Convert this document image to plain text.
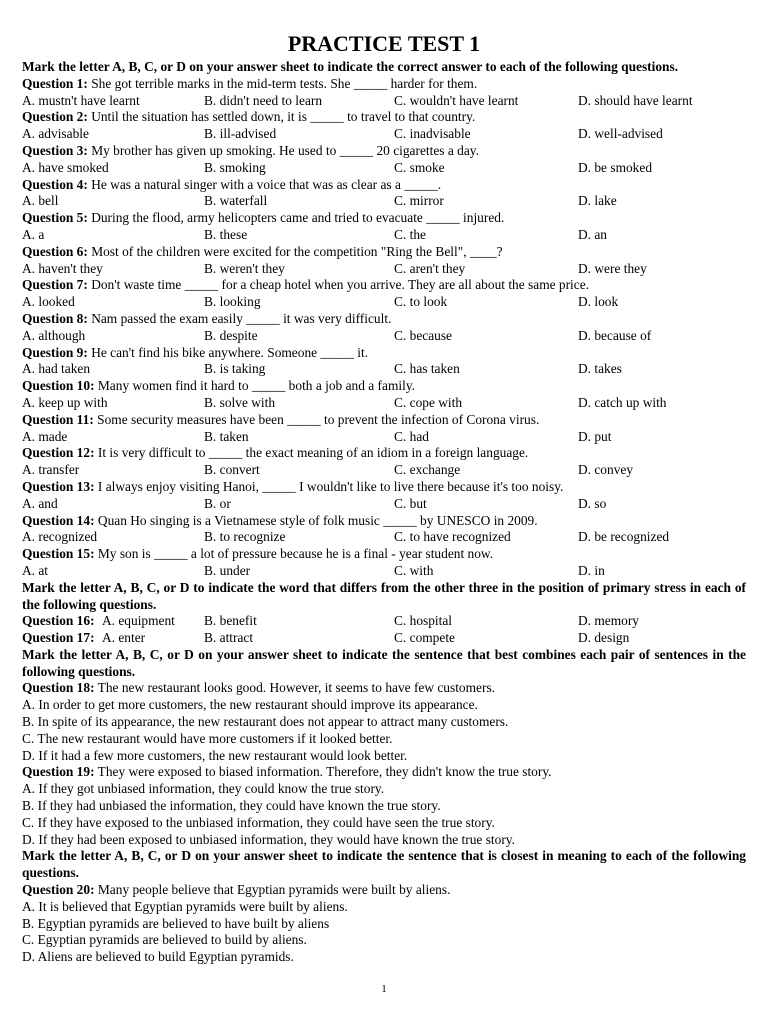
PRACTICE TEST 1
Mark the letter A, B, C, or D on your answer sheet to indicate the correct answer to each of the following questions.
Question 1: She got terrible marks in the mid-term tests. She _____ harder for them.
A. mustn't have learnt	B. didn't need to learn	C. wouldn't have learnt	D. should have learnt
Question 2: Until the situation has settled down, it is _____ to travel to that country.
A. advisable	B. ill-advised	C. inadvisable	D. well-advised
Question 3: My brother has given up smoking. He used to _____ 20 cigarettes a day.
A. have smoked	B. smoking	C. smoke	D. be smoked
Question 4: He was a natural singer with a voice that was as clear as a _____.
A. bell	B. waterfall	C. mirror	D. lake
Question 5: During the flood, army helicopters came and tried to evacuate _____ injured.
A. a	B. these	C. the	D. an
Question 6: Most of the children were excited for the competition "Ring the Bell", ____?
A. haven't they	B. weren't they	C. aren't they	D. were they
Question 7: Don't waste time _____ for a cheap hotel when you arrive. They are all about the same price.
A. looked	B. looking	C. to look	D. look
Question 8: Nam passed the exam easily _____ it was very difficult.
A. although	B. despite	C. because	D. because of
Question 9: He can't find his bike anywhere. Someone _____ it.
A. had taken	B. is taking	C. has taken	D. takes
Question 10: Many women find it hard to _____ both a job and a family.
A. keep up with	B. solve with	C. cope with	D. catch up with
Question 11: Some security measures have been _____ to prevent the infection of Corona virus.
A. made	B. taken	C. had	D. put
Question 12: It is very difficult to _____ the exact meaning of an idiom in a foreign language.
A. transfer	B. convert	C. exchange	D. convey
Question 13: I always enjoy visiting Hanoi, _____ I wouldn't like to live there because it's too noisy.
A. and	B. or	C. but	D. so
Question 14: Quan Ho singing is a Vietnamese style of folk music _____ by UNESCO in 2009.
A. recognized	B. to recognize	C. to have recognized	D. be recognized
Question 15: My son is _____ a lot of pressure because he is a final - year student now.
A. at	B. under	C. with	D. in
Mark the letter A, B, C, or D to indicate the word that differs from the other three in the position of primary stress in each of the following questions.
Question 16: A. equipment B. benefit	C. hospital	D. memory
Question 17: A. enter	B. attract	C. compete	D. design
Mark the letter A, B, C, or D on your answer sheet to indicate the sentence that best combines each pair of sentences in the following questions.
Question 18: The new restaurant looks good. However, it seems to have few customers.
A. In order to get more customers, the new restaurant should improve its appearance.
B. In spite of its appearance, the new restaurant does not appear to attract many customers.
C. The new restaurant would have more customers if it looked better.
D. If it had a few more customers, the new restaurant would look better.
Question 19: They were exposed to biased information. Therefore, they didn't know the true story.
A. If they got unbiased information, they could know the true story.
B. If they had unbiased the information, they could have known the true story.
C. If they have exposed to the unbiased information, they could have seen the true story.
D. If they had been exposed to unbiased information, they would have known the true story.
Mark the letter A, B, C, or D on your answer sheet to indicate the sentence that is closest in meaning to each of the following questions.
Question 20: Many people believe that Egyptian pyramids were built by aliens.
A. It is believed that Egyptian pyramids were built by aliens.
B. Egyptian pyramids are believed to have built by aliens
C. Egyptian pyramids are believed to build by aliens.
D. Aliens are believed to build Egyptian pyramids.
1
